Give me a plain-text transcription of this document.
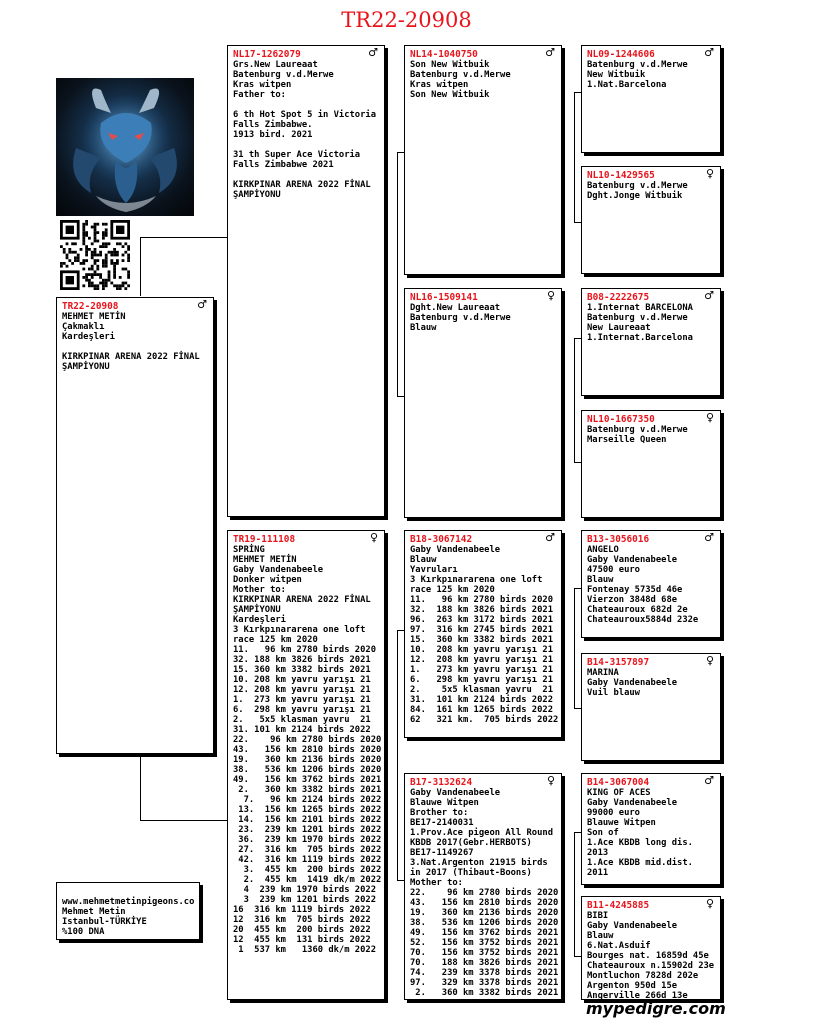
TR22-20908
TR22-20908	♂
MEHMET METİN
Çakmaklı
Kardeşleri

KIRKPINAR ARENA 2022 FİNAL
ŞAMPİYONU
NL17-1262079	♂
Grs.New Laureaat
Batenburg v.d.Merwe
Kras witpen
Father to:

6 th Hot Spot 5 in Victoria
Falls Zimbabwe.
1913 bird. 2021

31 th Super Ace Victoria
Falls Zimbabwe 2021

KIRKPINAR ARENA 2022 FİNAL
ŞAMPİYONU
TR19-111108	♀
SPRİNG
MEHMET METİN
Gaby Vandenabeele
Donker witpen
Mother to:
KIRKPINAR ARENA 2022 FİNAL
ŞAMPİYONU
Kardeşleri
3 Kırkpınararena one loft
race 125 km 2020
11.   96 km 2780 birds 2020
32. 188 km 3826 birds 2021
15. 360 km 3382 birds 2021
10. 208 km yavru yarışı 21
12. 208 km yavru yarışı 21
1.  273 km yavru yarışı 21
6.  298 km yavru yarışı 21
2.   5x5 klasman yavru  21
31. 101 km 2124 birds 2022
22.    96 km 2780 birds 2020
43.   156 km 2810 birds 2020
19.   360 km 2136 birds 2020
38.   536 km 1206 birds 2020
49.   156 km 3762 birds 2021
2.   360 km 3382 birds 2021
7.   96 km 2124 birds 2022
13.  156 km 1265 birds 2022
14.  156 km 2101 birds 2022
23.  239 km 1201 birds 2022
36.  239 km 1970 birds 2022
27.  316 km  705 birds 2022
42.  316 km 1119 birds 2022
3.  455 km  200 birds 2022
2.  455 km  1419 dk/m 2022
4  239 km 1970 birds 2022
3  239 km 1201 birds 2022
16  316 km 1119 birds 2022
12  316 km  705 birds 2022
20  455 km  200 birds 2022
12  455 km  131 birds 2022
1  537 km   1360 dk/m 2022
NL14-1040750	♂
Son New Witbuik
Batenburg v.d.Merwe
Kras witpen
Son New Witbuik
NL16-1509141	♀
Dght.New Laureaat
Batenburg v.d.Merwe
Blauw
B18-3067142	♂
Gaby Vandenabeele
Blauw
Yavruları
3 Kırkpınararena one loft
race 125 km 2020
11.   96 km 2780 birds 2020
32.  188 km 3826 birds 2021
96.  263 km 3172 birds 2021
97.  316 km 2745 birds 2021
15.  360 km 3382 birds 2021
10.  208 km yavru yarışı 21
12.  208 km yavru yarışı 21
1.   273 km yavru yarışı 21
6.   298 km yavru yarışı 21
2.    5x5 klasman yavru  21
31.  101 km 2124 birds 2022
84.  161 km 1265 birds 2022
62   321 km.  705 birds 2022
B17-3132624	♀
Gaby Vandenabeele
Blauwe Witpen
Brother to:
BE17-2140031
1.Prov.Ace pigeon All Round
KBDB 2017(Gebr.HERBOTS)
BE17-1149267
3.Nat.Argenton 21915 birds
in 2017 (Thibaut-Boons)
Mother to:
22.    96 km 2780 birds 2020
43.   156 km 2810 birds 2020
19.   360 km 2136 birds 2020
38.   536 km 1206 birds 2020
49.   156 km 3762 birds 2021
52.   156 km 3752 birds 2021
70.   156 km 3752 birds 2021
70.   188 km 3826 birds 2021
74.   239 km 3378 birds 2021
97.   329 km 3378 birds 2021
2.   360 km 3382 birds 2021
NL09-1244606	♂
Batenburg v.d.Merwe
New Witbuik
1.Nat.Barcelona
NL10-1429565	♀
Batenburg v.d.Merwe
Dght.Jonge Witbuik
B08-2222675	♂
1.Internat BARCELONA
Batenburg v.d.Merwe
New Laureaat
1.Internat.Barcelona
NL10-1667350	♀
Batenburg v.d.Merwe
Marseille Queen
B13-3056016	♂
ANGELO
Gaby Vandenabeele
47500 euro
Blauw
Fontenay 5735d 46e
Vierzon 3848d 68e
Chateauroux 682d 2e
Chateauroux5884d 232e
B14-3157897	♀
MARINA
Gaby Vandenabeele
Vuil blauw
B14-3067004	♂
KING OF ACES
Gaby Vandenabeele
99000 euro
Blauwe Witpen
Son of
1.Ace KBDB long dis.
2013
1.Ace KBDB mid.dist.
2011
B11-4245885	♀
BIBI
Gaby Vandenabeele
Blauw
6.Nat.Asduif
Bourges nat. 16859d 45e
Chateauroux n.15902d 23e
Montluchon 7828d 202e
Argenton 950d 15e
Angerville 266d 13e
www.mehmetmetinpigeons.co
Mehmet Metin
Istanbul-TÜRKİYE
%100 DNA
mypedigre.com
